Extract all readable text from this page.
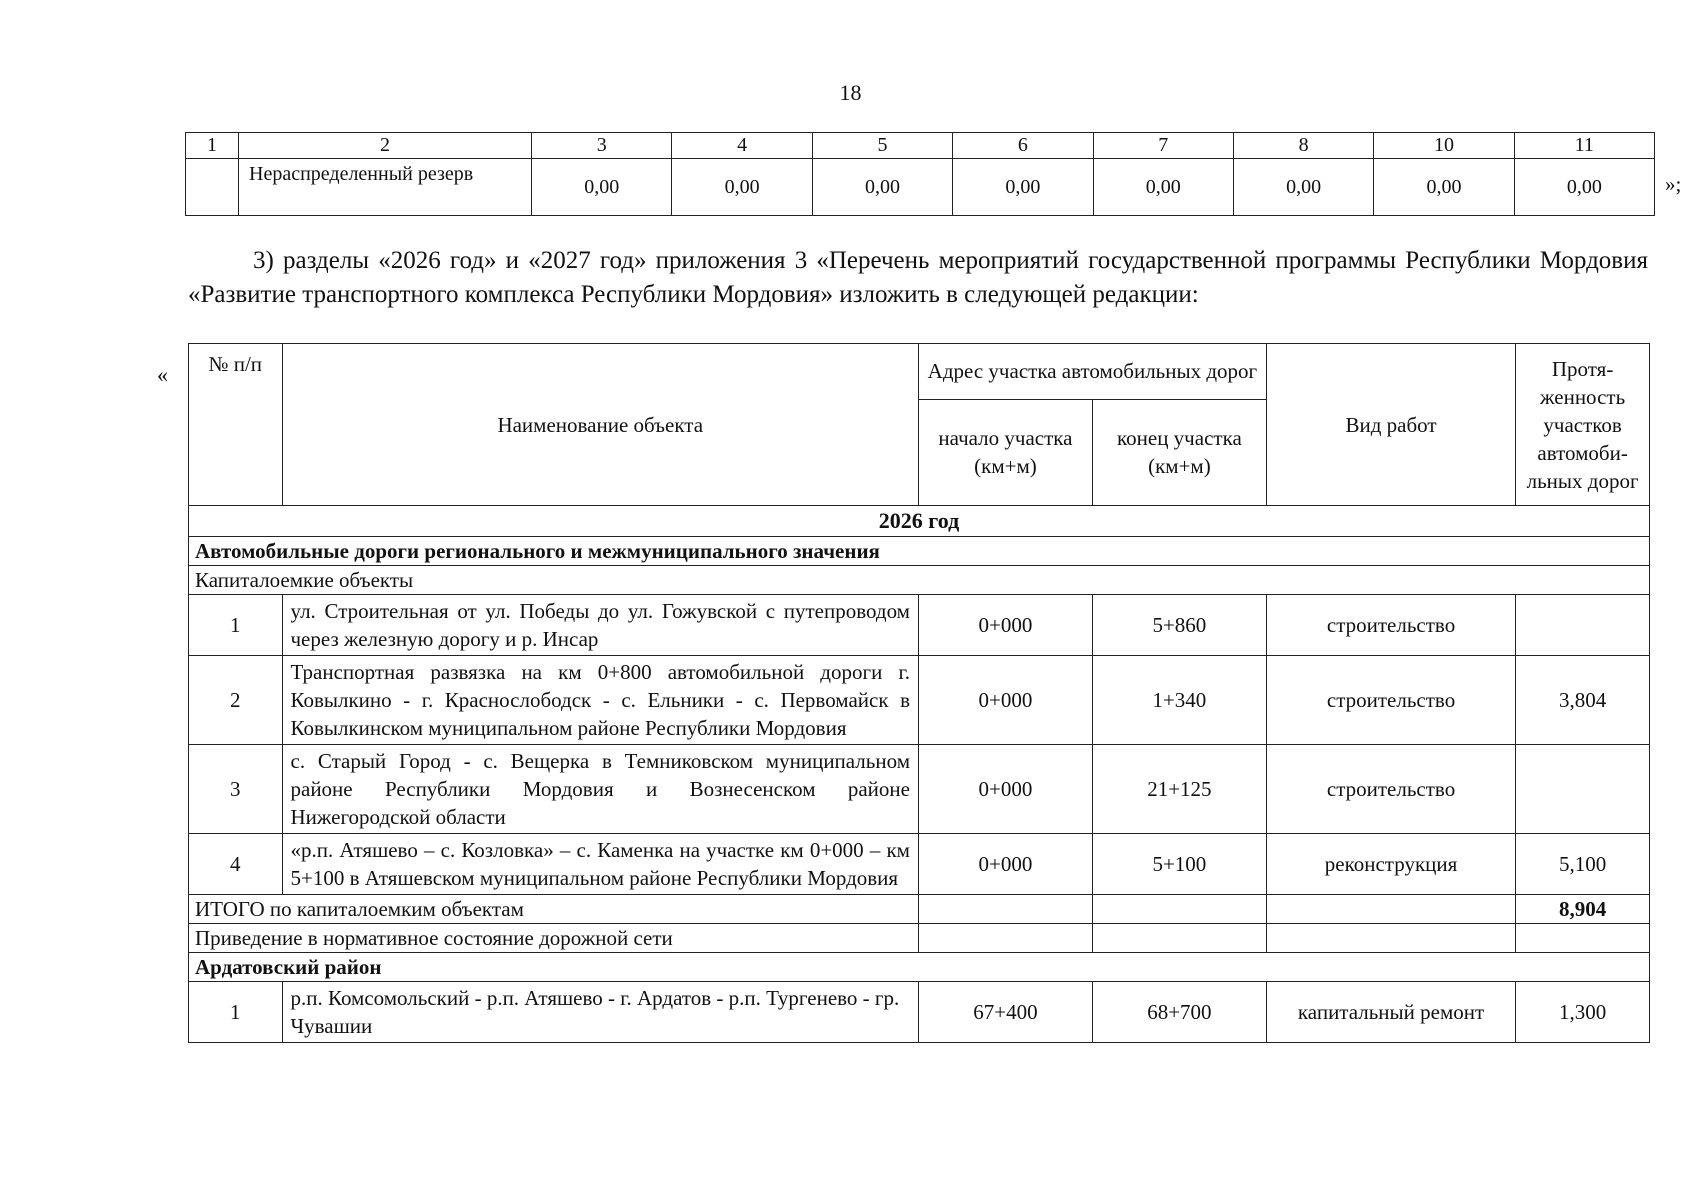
18
1	2	3	4	5	6	7	8	10	11
	Нераспределенный резерв	0,00	0,00	0,00	0,00	0,00	0,00	0,00	0,00	»;
3) разделы «2026 год» и «2027 год» приложения 3 «Перечень мероприятий государственной программы Республики Мордовия «Развитие транспортного комплекса Республики Мордовия» изложить в следующей редакции:
« № п/п	Наименование объекта	Адрес участка автомобильных дорог		Вид работ	Протя-женность участков автомоби-льных дорог
		начало участка (км+м)	конец участка (км+м)		
2026 год					
Автомобильные дороги регионального и межмуниципального значения					
Капиталоемкие объекты					
1	ул. Строительная от ул. Победы до ул. Гожувской с путепроводом через железную дорогу и р. Инсар	0+000	5+860	строительство	
2	Транспортная развязка на км 0+800 автомобильной дороги г. Ковылкино - г. Краснослободск - с. Ельники - с. Первомайск в Ковылкинском муниципальном районе Республики Мордовия	0+000	1+340	строительство	3,804
3	с. Старый Город - с. Вещерка в Темниковском муниципальном районе Республики Мордовия и Вознесенском районе Нижегородской области	0+000	21+125	строительство	
4	«р.п. Атяшево – с. Козловка» – с. Каменка на участке км 0+000 – км 5+100 в Атяшевском муниципальном районе Республики Мордовия	0+000	5+100	реконструкция	5,100
ИТОГО по капиталоемким объектам					8,904
Приведение в нормативное состояние дорожной сети					
Ардатовский район					
1	р.п. Комсомольский - р.п. Атяшево - г. Ардатов - р.п. Тургенево - гр. Чувашии	67+400	68+700	капитальный ремонт	1,300
